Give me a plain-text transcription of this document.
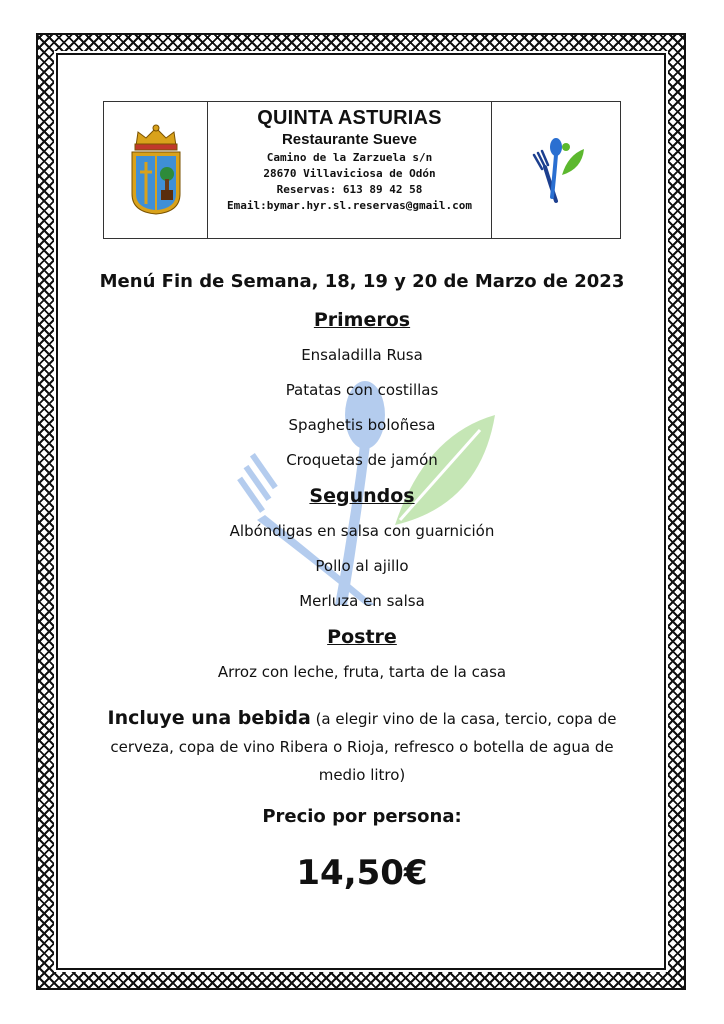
QUINTA ASTURIAS

Restaurante Sueve

Camino de la Zarzuela s/n

28670 Villaviciosa de Odón

Reservas: 613 89 42 58

Email:bymar.hyr.sl.reservas@gmail.com

Menú Fin de Semana, 18, 19 y 20 de Marzo de 2023

Primeros

Ensaladilla Rusa

Patatas con costillas

Spaghetis boloñesa

Croquetas de jamón

Segundos

Albóndigas en salsa con guarnición

Pollo al ajillo

Merluza en salsa

Postre

Arroz con leche, fruta, tarta de la casa

Incluye una bebida (a elegir vino de la casa, tercio, copa de cerveza, copa de vino Ribera o Rioja, refresco o botella de agua de medio litro)

Precio por persona:

14,50€
